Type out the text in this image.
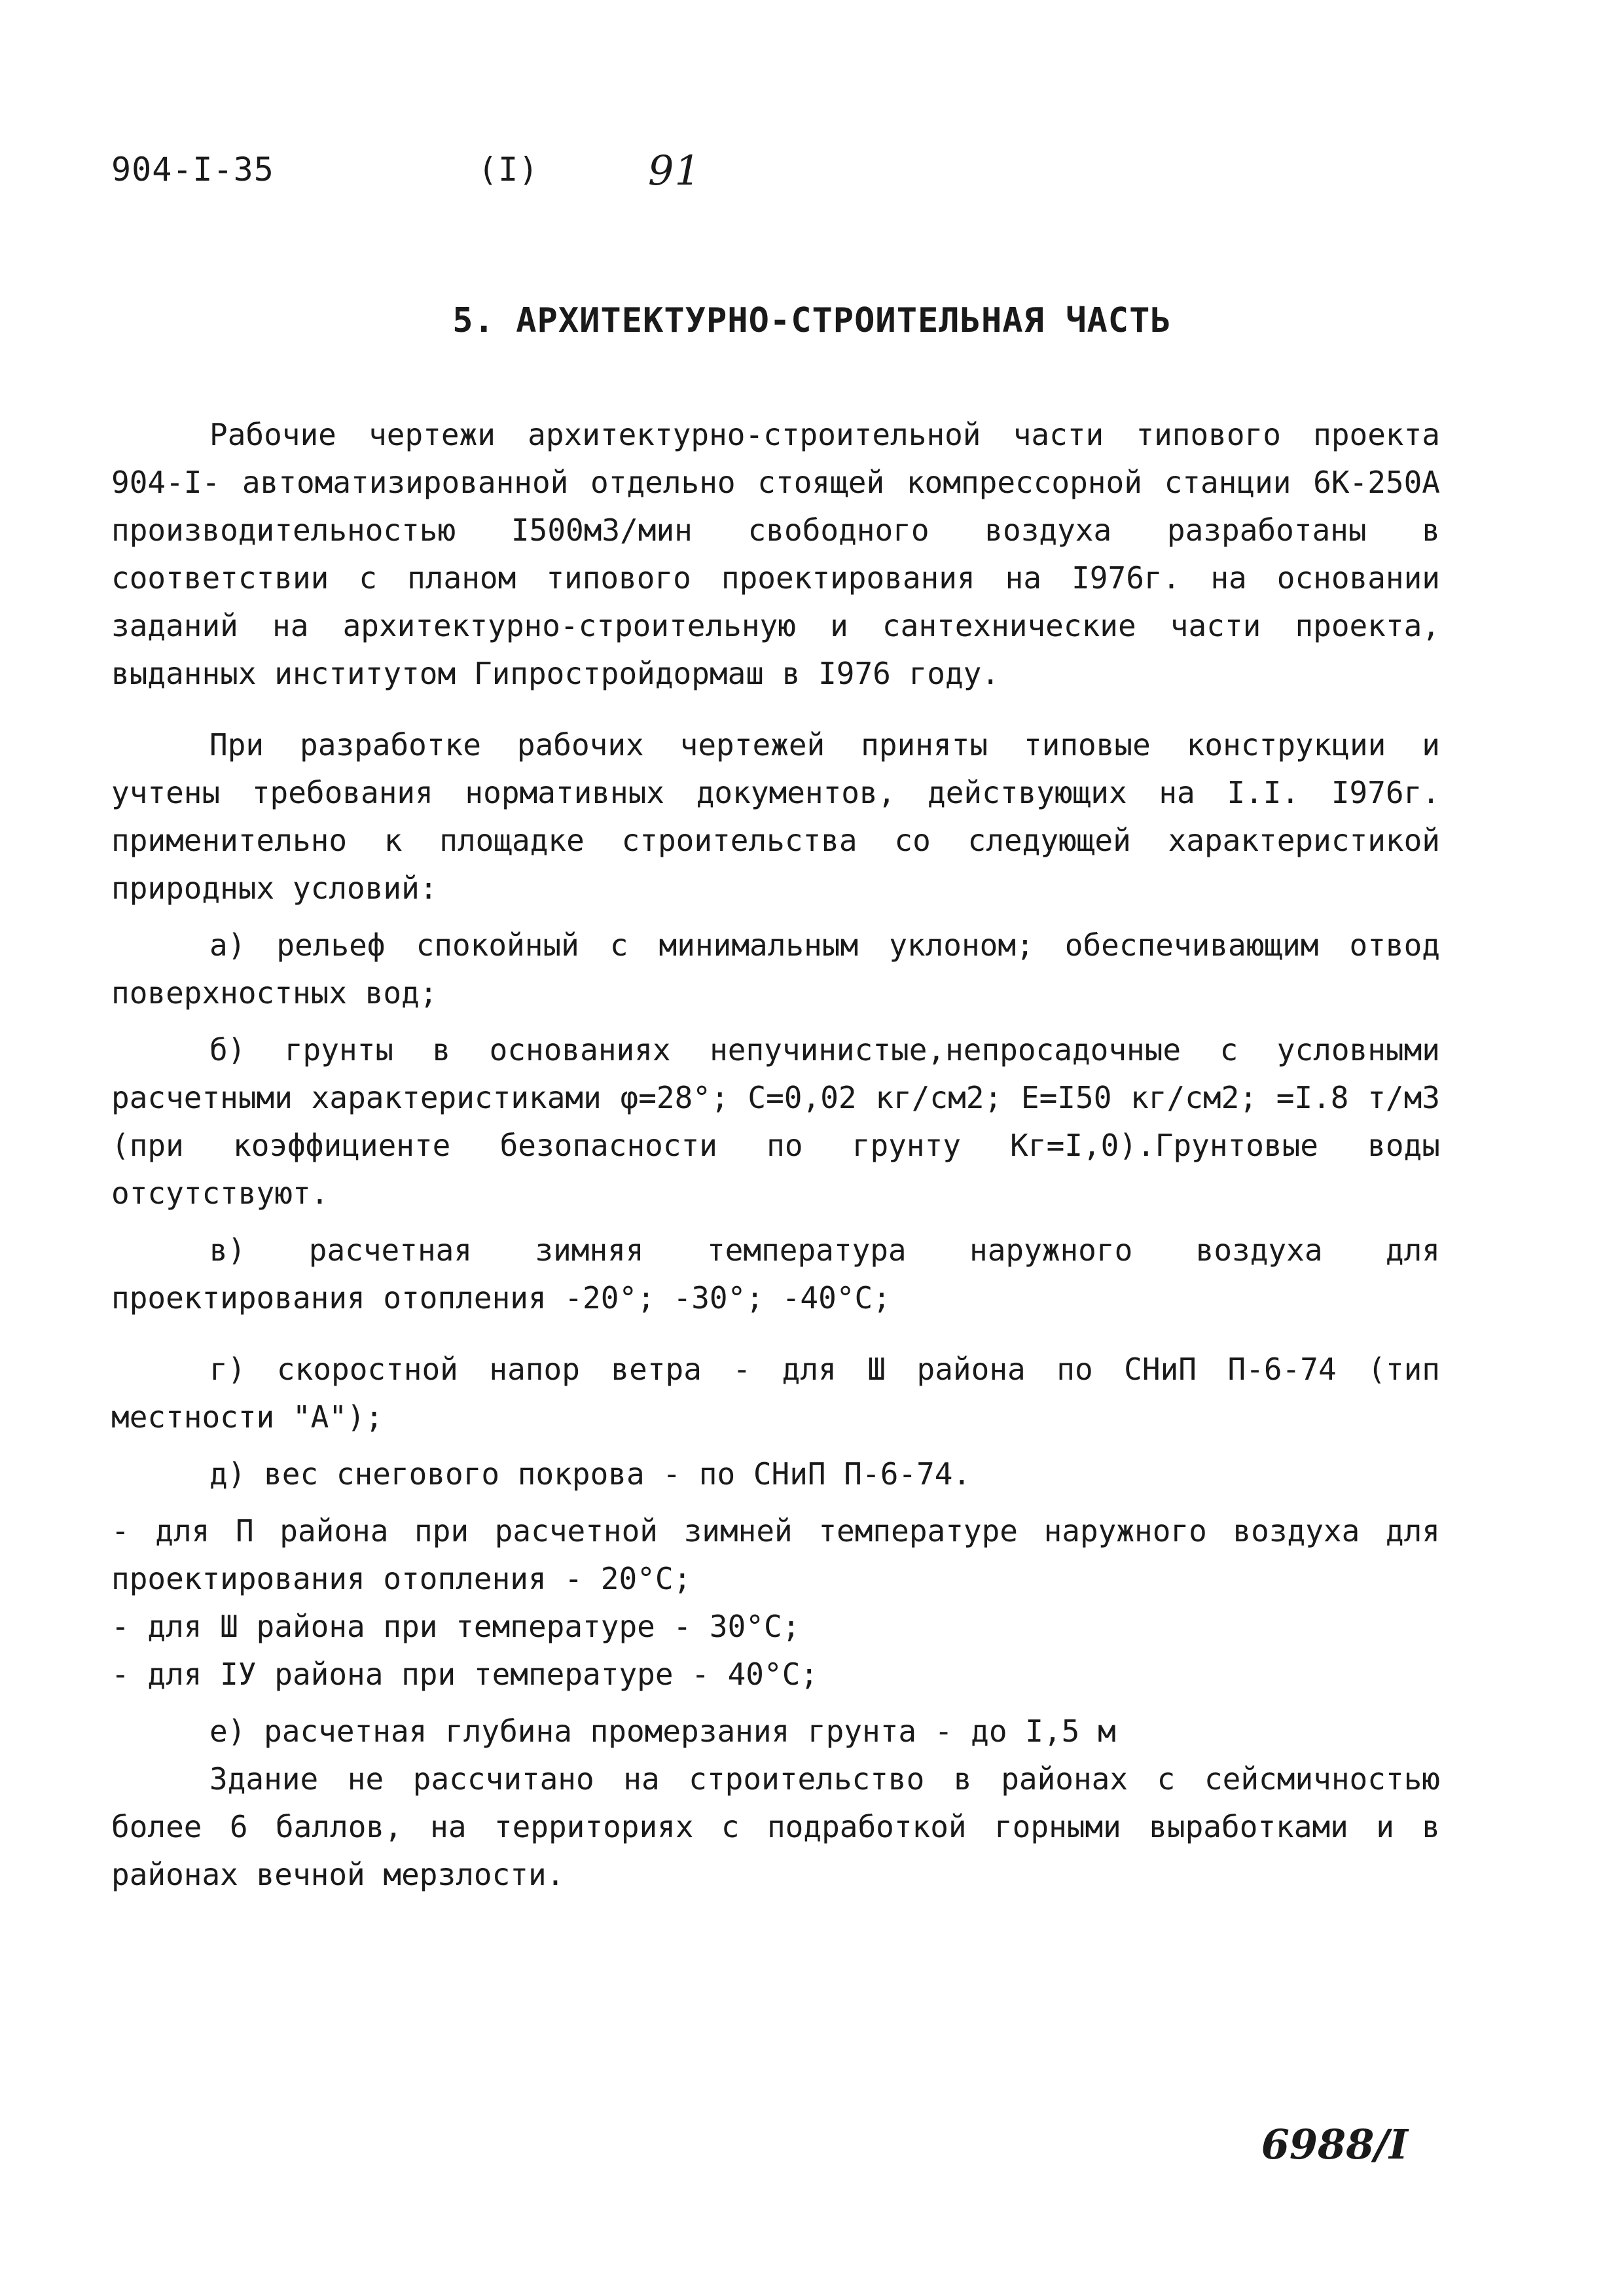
904-I-35	(I)	91
5. АРХИТЕКТУРНО-СТРОИТЕЛЬНАЯ ЧАСТЬ

Рабочие чертежи архитектурно-строительной части типового проекта 904-I- автоматизированной отдельно стоящей компрессорной станции 6К-250А производительностью I500м3/мин свободного воздуха разработаны в соответствии с планом типового проектирования на I976г. на основании заданий на архитектурно-строительную и сантехнические части проекта, выданных институтом Гипростройдормаш в I976 году.

При разработке рабочих чертежей приняты типовые конструкции и учтены требования нормативных документов, действующих на I.I. I976г. применительно к площадке строительства со следующей характеристикой природных условий:

а) рельеф спокойный с минимальным уклоном; обеспечивающим отвод поверхностных вод;

б) грунты в основаниях непучинистые,непросадочные с условными расчетными характеристиками φ=28°; С=0,02 кг/см2; Е=I50 кг/см2; =I.8 т/м3 (при коэффициенте безопасности по грунту Кг=I,0).Грунтовые воды отсутствуют.

в) расчетная зимняя температура наружного воздуха для проектирования отопления -20°; -30°; -40°С;

г) скоростной напор ветра - для Ш района по СНиП П-6-74 (тип местности "А");

д) вес снегового покрова - по СНиП П-6-74.

- для П района при расчетной зимней температуре наружного воздуха для проектирования отопления - 20°С;

- для Ш района при температуре - 30°С;

- для IУ района при температуре - 40°С;

е) расчетная глубина промерзания грунта - до I,5 м

Здание не рассчитано на строительство в районах с сейсмичностью более 6 баллов, на территориях с подработкой горными выработками и в районах вечной мерзлости.

6988/I
